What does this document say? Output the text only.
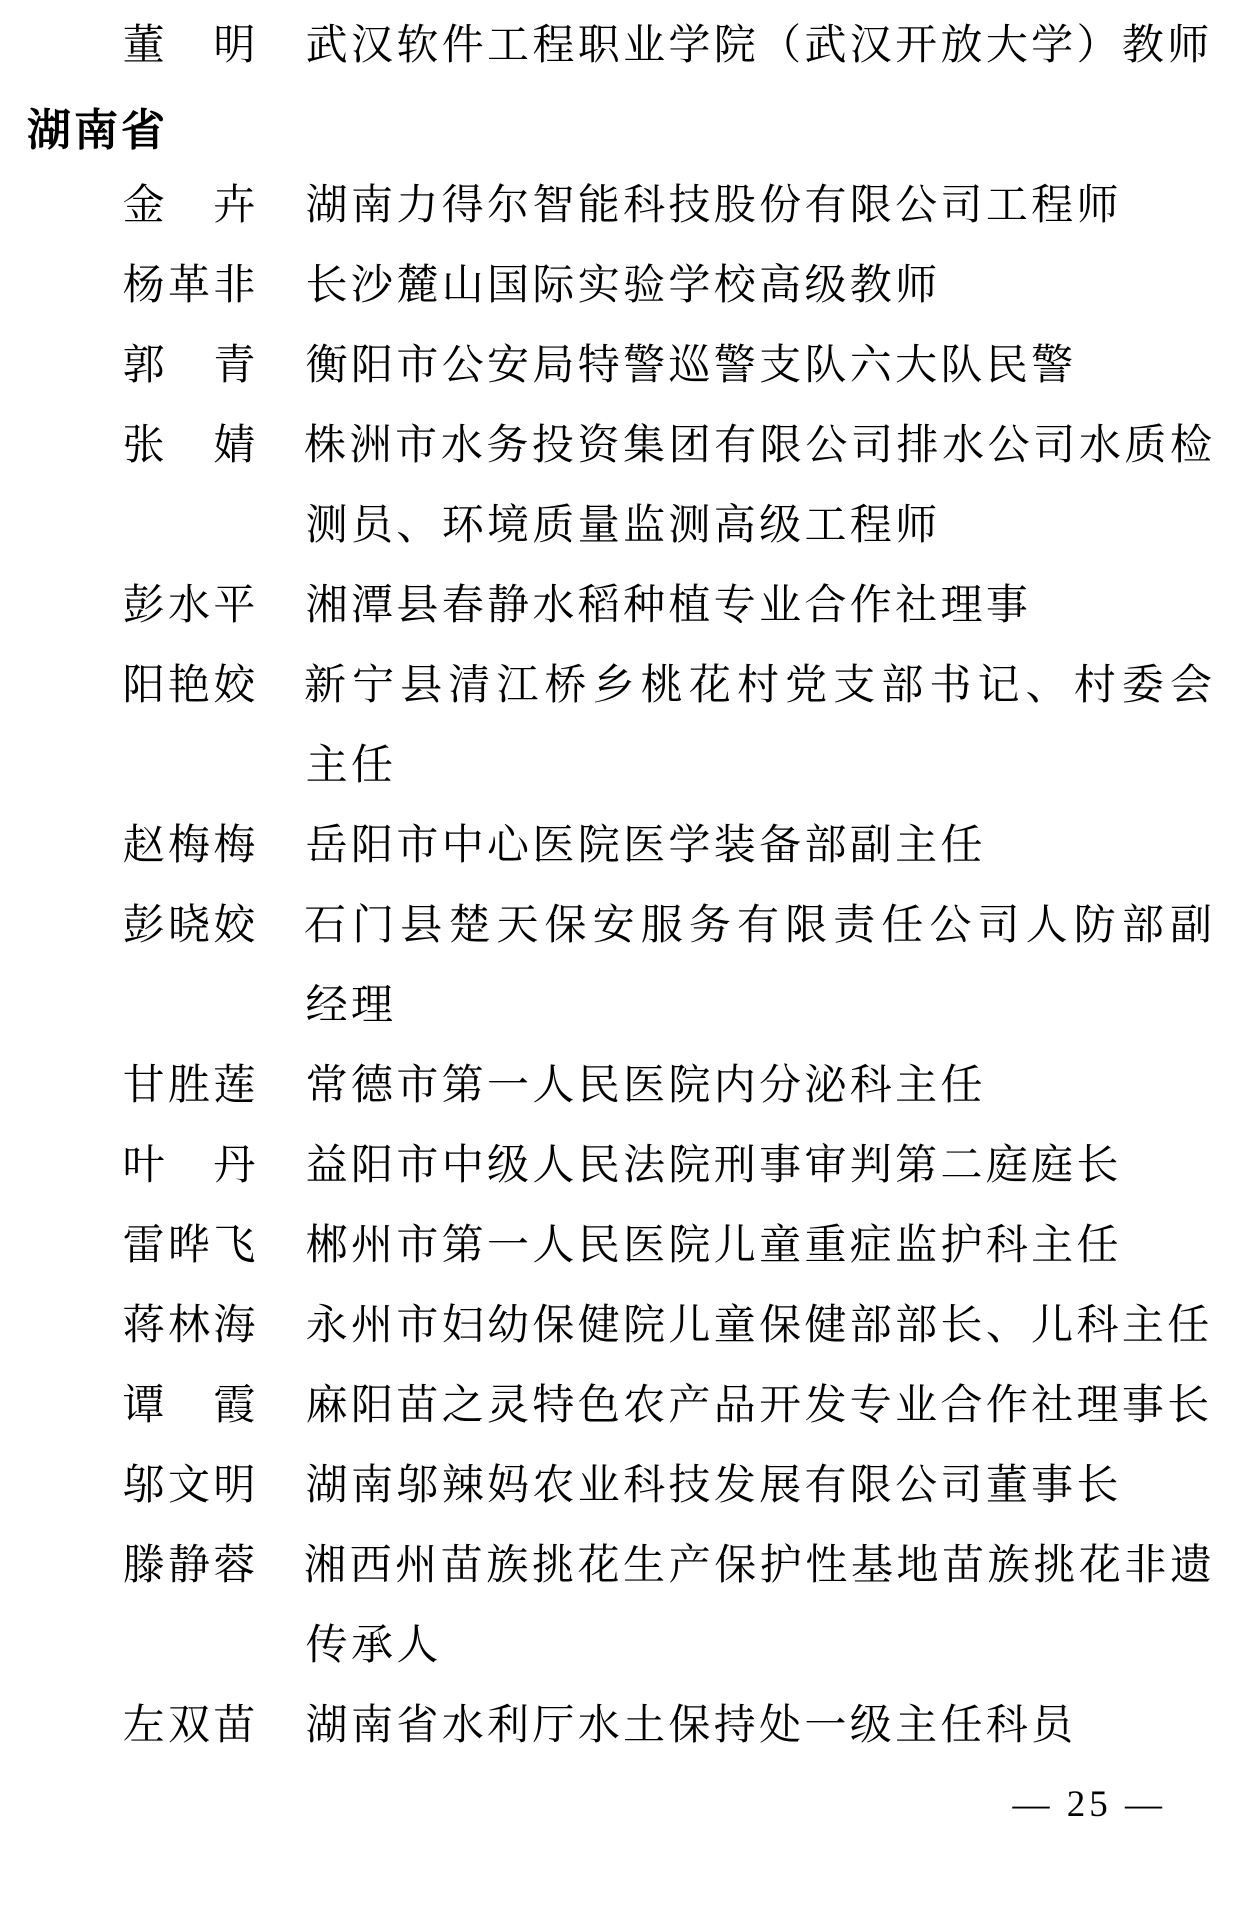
董
　 明 武 汉 软 件 工 程 职 业 学 院 （ 武 汉 开 放 大 学 ） 教 师
湖南省
金
　 卉 湖 南 力 得 尔 智 能 科 技 股 份 有 限 公 司 工 程 师
杨 革 非 长 沙 麓 山 国 际 实 验 学 校 高 级 教 师
郭
　 青 衡 阳 市 公 安 局 特 警 巡 警 支 队 六 大 队 民 警
张
　 婧 株 洲 市 水 务 投 资 集 团 有 限 公 司 排 水 公 司 水 质 检
测 员 、 环 境 质 量 监 测 高 级 工 程 师
彭 水 平 湘 潭 县 春 静 水 稻 种 植 专 业 合 作 社 理 事
阳 艳 姣 新 宁 县 清 江 桥 乡 桃 花 村 党 支 部 书 记 、 村 委 会
主 任
赵 梅 梅 岳 阳 市 中 心 医 院 医 学 装 备 部 副 主 任
彭 晓 姣 石 门 县 楚 天 保 安 服 务 有 限 责 任 公 司 人 防 部 副
经 理
甘 胜 莲 常 德 市 第 一 人 民 医 院 内 分 泌 科 主 任
叶
　 丹 益 阳 市 中 级 人 民 法 院 刑 事 审 判 第 二 庭 庭 长
雷 晔 飞 郴 州 市 第 一 人 民 医 院 儿 童 重 症 监 护 科 主 任
蒋 林 海 永 州 市 妇 幼 保 健 院 儿 童 保 健 部 部 长 、 儿 科 主 任
谭
　 霞 麻 阳 苗 之 灵 特 色 农 产 品 开 发 专 业 合 作 社 理 事 长
邬 文 明 湖 南 邬 辣 妈 农 业 科 技 发 展 有 限 公 司 董 事 长
滕 静 蓉 湘 西 州 苗 族 挑 花 生 产 保 护 性 基 地 苗 族 挑 花 非 遗
传 承 人
左 双 苗 湖 南 省 水 利 厅 水 土 保 持 处 一 级 主 任 科 员
— 25 —
